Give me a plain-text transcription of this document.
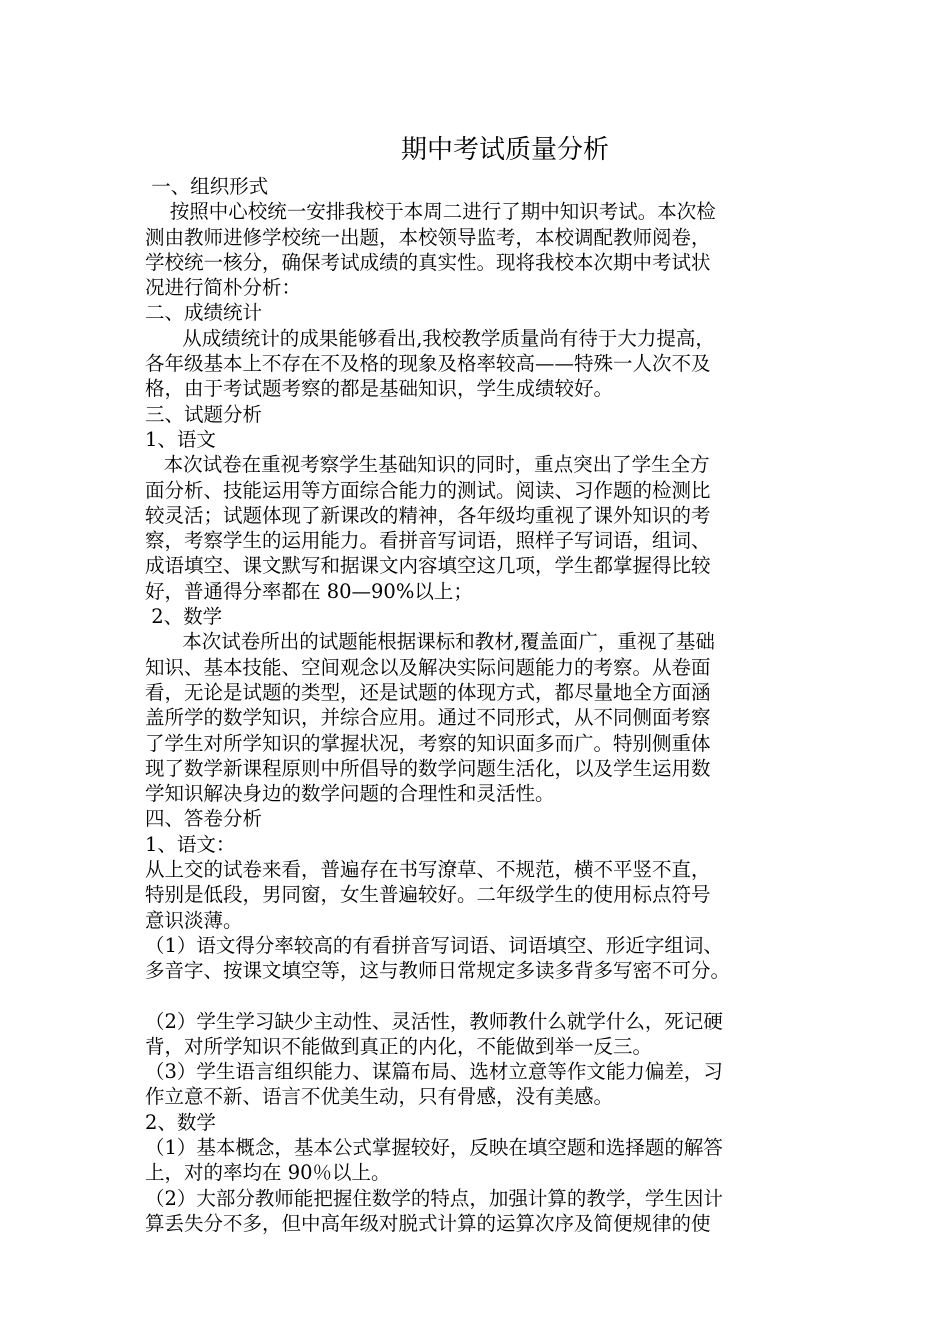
期中考试质量分析
一、组织形式
按照中心校统一安排我校于本周二进行了期中知识考试。本次检
测由教师进修学校统一出题，本校领导监考，本校调配教师阅卷，
学校统一核分，确保考试成绩的真实性。现将我校本次期中考试状
况进行简朴分析：
二、成绩统计
从成绩统计的成果能够看出,我校教学质量尚有待于大力提高，
各年级基本上不存在不及格的现象及格率较高——特殊一人次不及
格，由于考试题考察的都是基础知识，学生成绩较好。
三、试题分析
1、语文
本次试卷在重视考察学生基础知识的同时，重点突出了学生全方
面分析、技能运用等方面综合能力的测试。阅读、习作题的检测比
较灵活；试题体现了新课改的精神，各年级均重视了课外知识的考
察，考察学生的运用能力。看拼音写词语，照样子写词语，组词、
成语填空、课文默写和据课文内容填空这几项，学生都掌握得比较
好，普通得分率都在 80—90%以上；
2、数学
本次试卷所出的试题能根据课标和教材,覆盖面广，重视了基础
知识、基本技能、空间观念以及解决实际问题能力的考察。从卷面
看，无论是试题的类型，还是试题的体现方式，都尽量地全方面涵
盖所学的数学知识，并综合应用。通过不同形式，从不同侧面考察
了学生对所学知识的掌握状况，考察的知识面多而广。特别侧重体
现了数学新课程原则中所倡导的数学问题生活化，以及学生运用数
学知识解决身边的数学问题的合理性和灵活性。
四、答卷分析
1、语文：
从上交的试卷来看，普遍存在书写潦草、不规范，横不平竖不直，
特别是低段，男同窗，女生普遍较好。二年级学生的使用标点符号
意识淡薄。
（1）语文得分率较高的有看拼音写词语、词语填空、形近字组词、
多音字、按课文填空等，这与教师日常规定多读多背多写密不可分。
（2）学生学习缺少主动性、灵活性，教师教什么就学什么，死记硬
背，对所学知识不能做到真正的内化，不能做到举一反三。
（3）学生语言组织能力、谋篇布局、选材立意等作文能力偏差，习
作立意不新、语言不优美生动，只有骨感，没有美感。
2、数学
（1）基本概念，基本公式掌握较好，反映在填空题和选择题的解答
上，对的率均在 90％以上。
（2）大部分教师能把握住数学的特点，加强计算的教学，学生因计
算丢失分不多，但中高年级对脱式计算的运算次序及简便规律的使
